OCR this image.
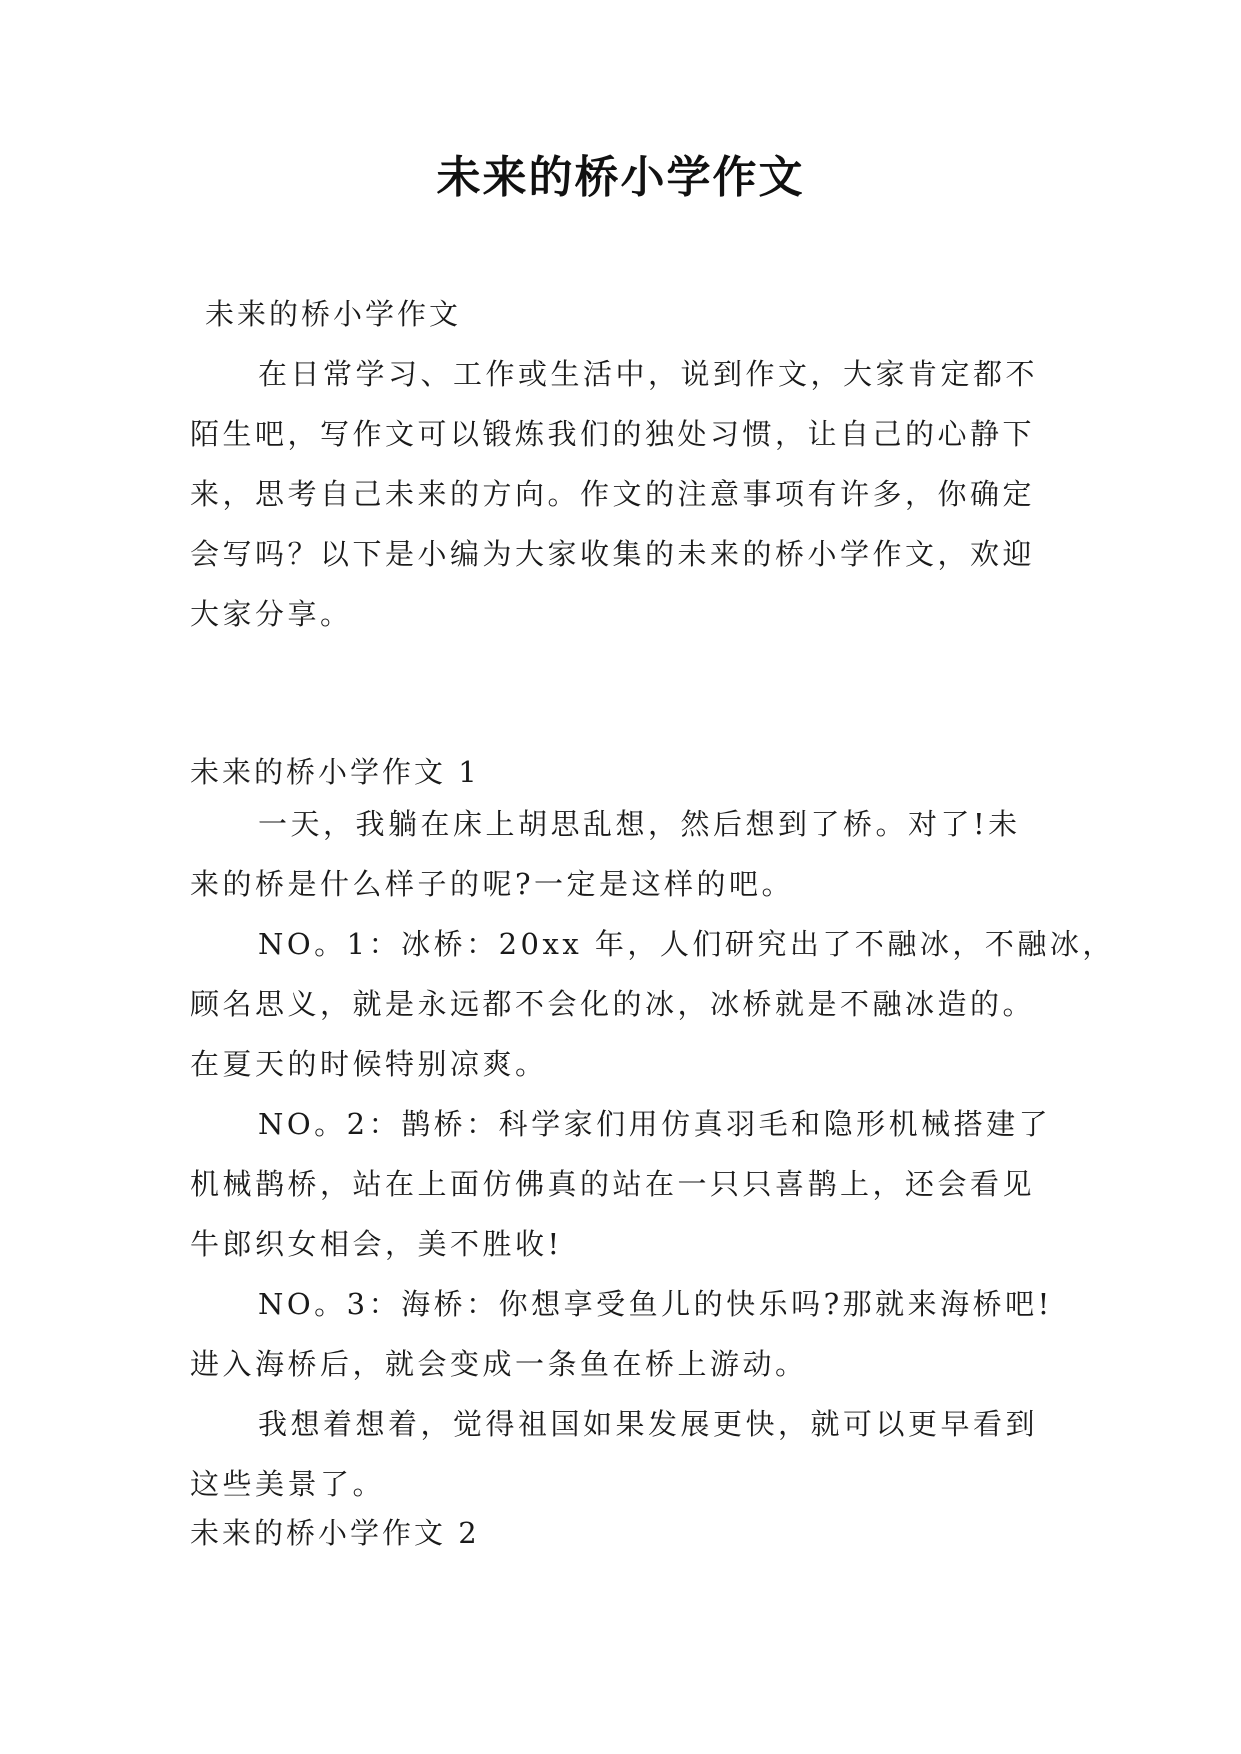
未来的桥小学作文
未来的桥小学作文
在日常学习、工作或生活中，说到作文，大家肯定都不
陌生吧，写作文可以锻炼我们的独处习惯，让自己的心静下
来，思考自己未来的方向。作文的注意事项有许多，你确定
会写吗？以下是小编为大家收集的未来的桥小学作文，欢迎
大家分享。
未来的桥小学作文 1
一天，我躺在床上胡思乱想，然后想到了桥。对了!未
来的桥是什么样子的呢?一定是这样的吧。
NO。1：冰桥：20xx 年，人们研究出了不融冰，不融冰，
顾名思义，就是永远都不会化的冰，冰桥就是不融冰造的。
在夏天的时候特别凉爽。
NO。2：鹊桥：科学家们用仿真羽毛和隐形机械搭建了
机械鹊桥，站在上面仿佛真的站在一只只喜鹊上，还会看见
牛郎织女相会，美不胜收!
NO。3：海桥：你想享受鱼儿的快乐吗?那就来海桥吧!
进入海桥后，就会变成一条鱼在桥上游动。
我想着想着，觉得祖国如果发展更快，就可以更早看到
这些美景了。
未来的桥小学作文 2
